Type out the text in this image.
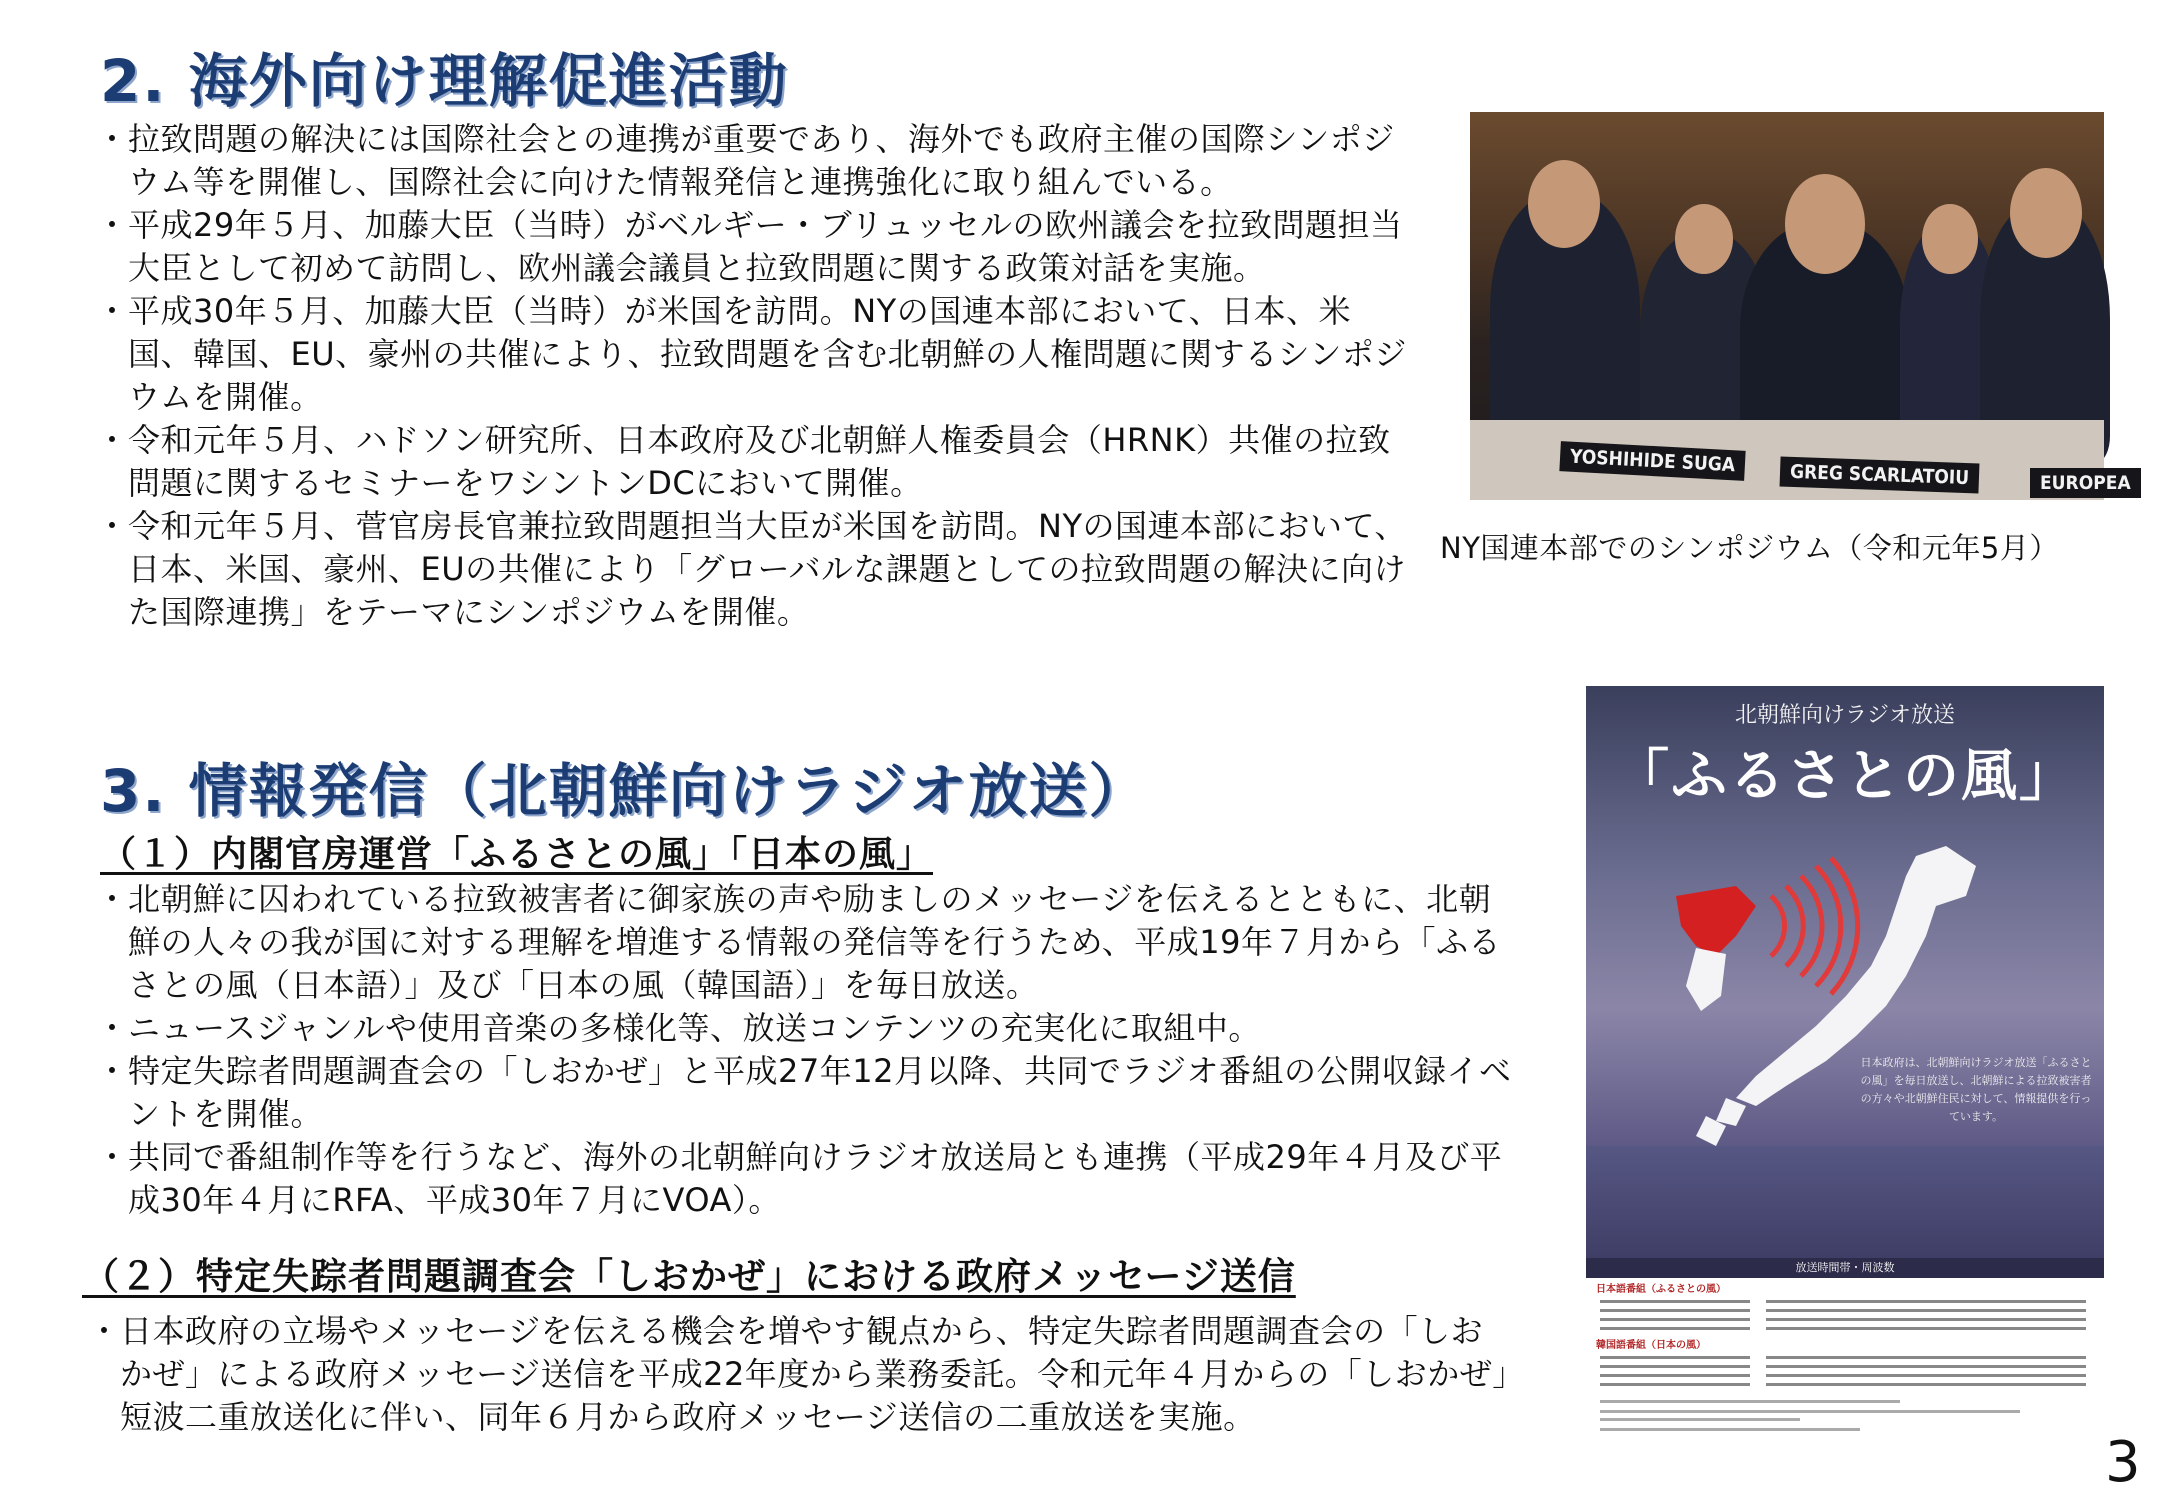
2. 海外向け理解促進活動
・ 拉致問題の解決には国際社会との連携が重要であり、海外でも政府主催の国際シンポジウム等を開催し、国際社会に向けた情報発信と連携強化に取り組んでいる。
・ 平成29年５月、加藤大臣（当時）がベルギー・ブリュッセルの欧州議会を拉致問題担当大臣として初めて訪問し、欧州議会議員と拉致問題に関する政策対話を実施。
・ 平成30年５月、加藤大臣（当時）が米国を訪問。NYの国連本部において、日本、米国、韓国、EU、豪州の共催により、拉致問題を含む北朝鮮の人権問題に関するシンポジウムを開催。
・ 令和元年５月、ハドソン研究所、日本政府及び北朝鮮人権委員会（HRNK）共催の拉致問題に関するセミナーをワシントンDCにおいて開催。
・ 令和元年５月、菅官房長官兼拉致問題担当大臣が米国を訪問。NYの国連本部において、日本、米国、豪州、EUの共催により「グローバルな課題としての拉致問題の解決に向けた国際連携」をテーマにシンポジウムを開催。
YOSHIHIDE SUGA	GREG SCARLATOIU	EUROPEA
NY国連本部でのシンポジウム（令和元年5月）
3. 情報発信（北朝鮮向けラジオ放送）
（１）内閣官房運営「ふるさとの風」「日本の風」
・ 北朝鮮に囚われている拉致被害者に御家族の声や励ましのメッセージを伝えるとともに、北朝鮮の人々の我が国に対する理解を増進する情報の発信等を行うため、平成19年７月から「ふるさとの風（日本語）」及び「日本の風（韓国語）」を毎日放送。
・ ニュースジャンルや使用音楽の多様化等、放送コンテンツの充実化に取組中。
・ 特定失踪者問題調査会の「しおかぜ」と平成27年12月以降、共同でラジオ番組の公開収録イベントを開催。
・ 共同で番組制作等を行うなど、海外の北朝鮮向けラジオ放送局とも連携（平成29年４月及び平成30年４月にRFA、平成30年７月にVOA）。
（２）特定失踪者問題調査会「しおかぜ」における政府メッセージ送信
・ 日本政府の立場やメッセージを伝える機会を増やす観点から、特定失踪者問題調査会の「しおかぜ」による政府メッセージ送信を平成22年度から業務委託。令和元年４月からの「しおかぜ」短波二重放送化に伴い、同年６月から政府メッセージ送信の二重放送を実施。
北朝鮮向けラジオ放送
「ふるさとの風」
日本政府は、北朝鮮向けラジオ放送「ふるさとの風」を毎日放送し、北朝鮮による拉致被害者の方々や北朝鮮住民に対して、情報提供を行っています。
放送時間帯・周波数
日本語番組（ふるさとの風）
韓国語番組（日本の風）

3
